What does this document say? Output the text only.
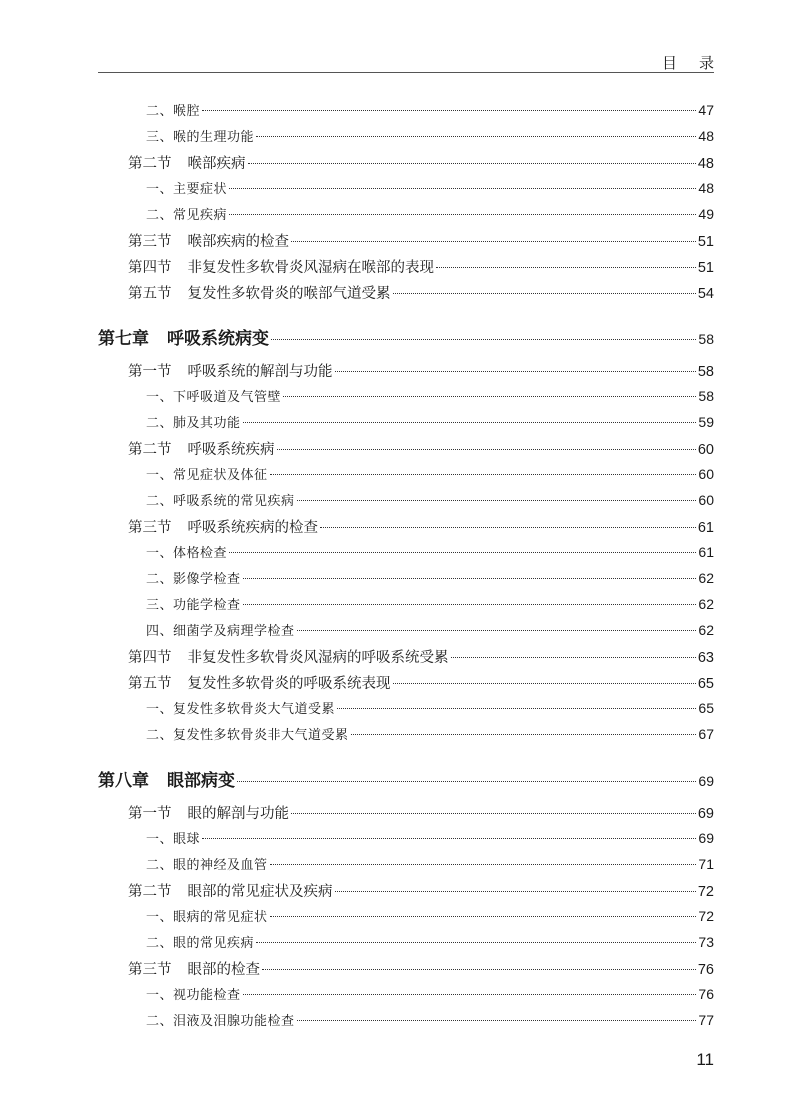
目 录
二、 喉腔	47
三、 喉的生理功能	48
第二节 喉部疾病	48
一、 主要症状	48
二、 常见疾病	49
第三节 喉部疾病的检查	51
第四节 非复发性多软骨炎风湿病在喉部的表现	51
第五节 复发性多软骨炎的喉部气道受累	54
第七章 呼吸系统病变	58
第一节 呼吸系统的解剖与功能	58
一、 下呼吸道及气管壁	58
二、 肺及其功能	59
第二节 呼吸系统疾病	60
一、 常见症状及体征	60
二、 呼吸系统的常见疾病	60
第三节 呼吸系统疾病的检查	61
一、 体格检查	61
二、 影像学检查	62
三、 功能学检查	62
四、 细菌学及病理学检查	62
第四节 非复发性多软骨炎风湿病的呼吸系统受累	63
第五节 复发性多软骨炎的呼吸系统表现	65
一、 复发性多软骨炎大气道受累	65
二、 复发性多软骨炎非大气道受累	67
第八章 眼部病变	69
第一节 眼的解剖与功能	69
一、 眼球	69
二、 眼的神经及血管	71
第二节 眼部的常见症状及疾病	72
一、 眼病的常见症状	72
二、 眼的常见疾病	73
第三节 眼部的检查	76
一、 视功能检查	76
二、 泪液及泪腺功能检查	77
11
